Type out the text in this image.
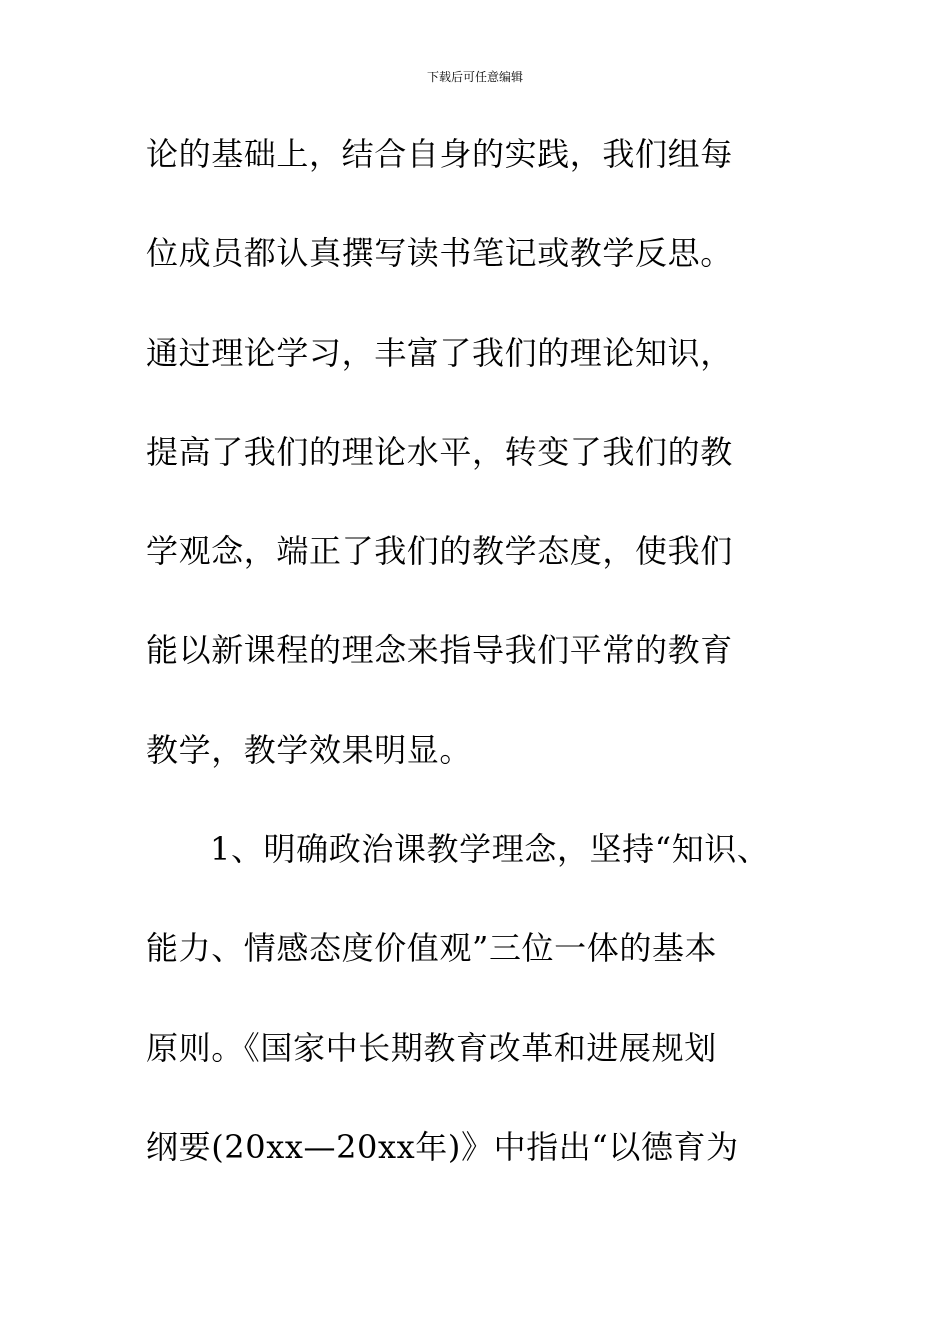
下载后可任意编辑
论的基础上，结合自身的实践，我们组每
位成员都认真撰写读书笔记或教学反思。
通过理论学习，丰富了我们的理论知识，
提高了我们的理论水平，转变了我们的教
学观念，端正了我们的教学态度，使我们
能以新课程的理念来指导我们平常的教育
教学，教学效果明显。
1、明确政治课教学理念，坚持“知识、
能力、情感态度价值观”三位一体的基本
原则。《国家中长期教育改革和进展规划
纲要(20xx—20xx年)》中指出“以德育为
